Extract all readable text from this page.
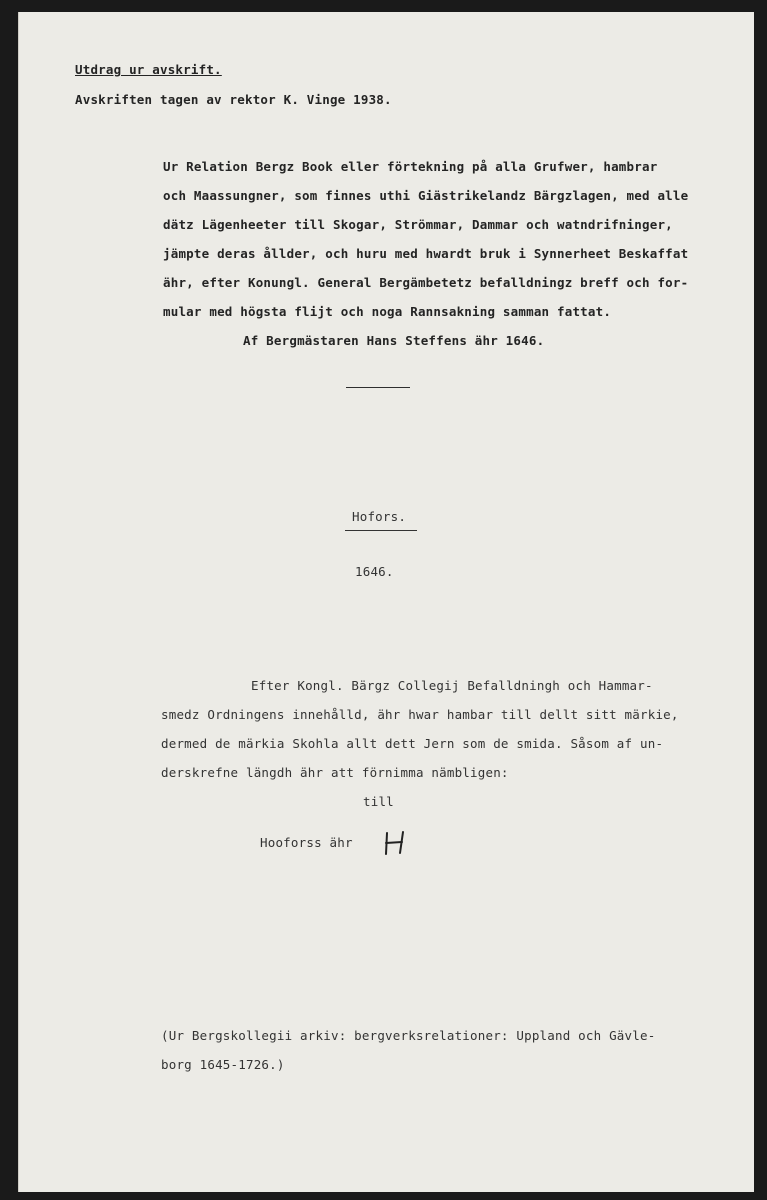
Utdrag ur avskrift.
Avskriften tagen av rektor K. Vinge 1938.
Ur Relation Bergz Book eller förtekning på alla Grufwer, hambrar
och Maassungner, som finnes uthi Giästrikelandz Bärgzlagen, med alle
dätz Lägenheeter till Skogar, Strömmar, Dammar och watndrifninger,
jämpte deras ållder, och huru med hwardt bruk i Synnerheet Beskaffat
ähr, efter Konungl. General Bergämbetetz befalldningz breff och for-
mular med högsta flijt och noga Rannsakning samman fattat.
Af Bergmästaren Hans Steffens ähr 1646.
Hofors.
1646.
Efter Kongl. Bärgz Collegij Befalldningh och Hammar-
smedz Ordningens innehålld, ähr hwar hambar till dellt sitt märkie,
dermed de märkia Skohla allt dett Jern som de smida. Såsom af un-
derskrefne längdh ähr att förnimma nämbligen:
till
Hooforss ähr
(Ur Bergskollegii arkiv: bergverksrelationer: Uppland och Gävle-
borg 1645-1726.)
